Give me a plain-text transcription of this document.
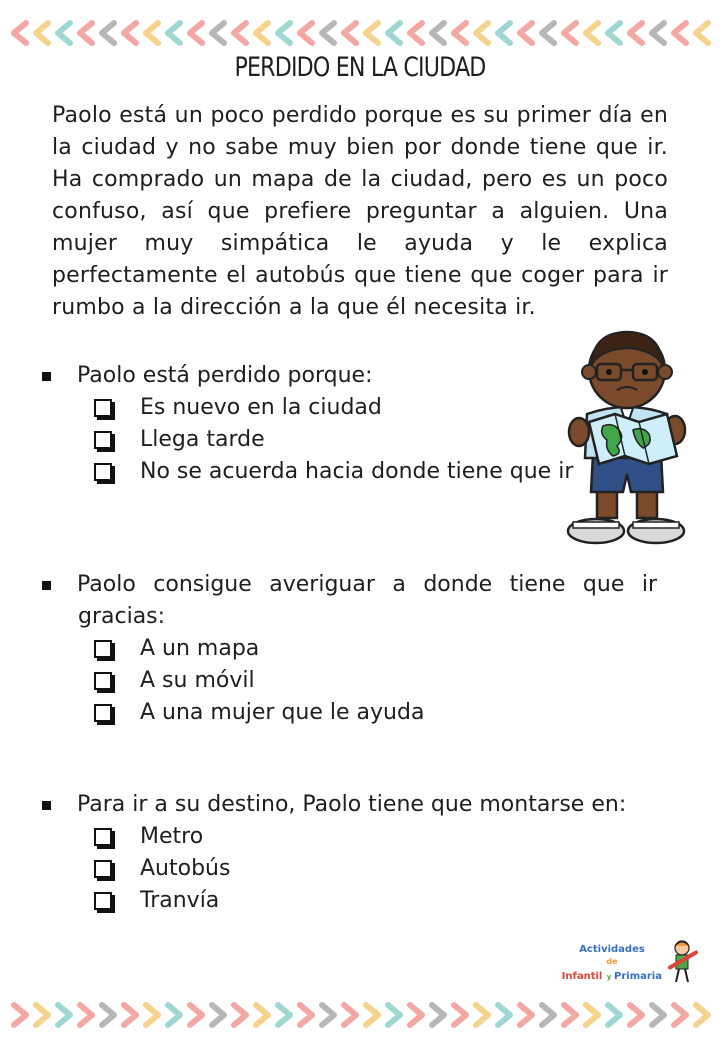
PERDIDO EN LA CIUDAD

Paolo está un poco perdido porque es su primer día en la ciudad y no sabe muy bien por donde tiene que ir. Ha comprado un mapa de la ciudad, pero es un poco confuso, así que prefiere preguntar a alguien. Una mujer muy simpática le ayuda y le explica perfectamente el autobús que tiene que coger para ir rumbo a la dirección a la que él necesita ir.

Paolo está perdido porque:
Es nuevo en la ciudad
Llega tarde
No se acuerda hacia donde tiene que ir
Paolo consigue averiguar a donde tiene que ir
gracias:
A un mapa
A su móvil
A una mujer que le ayuda
Para ir a su destino, Paolo tiene que montarse en:
Metro
Autobús
Tranvía
Actividades
de
Infantil y Primaria
